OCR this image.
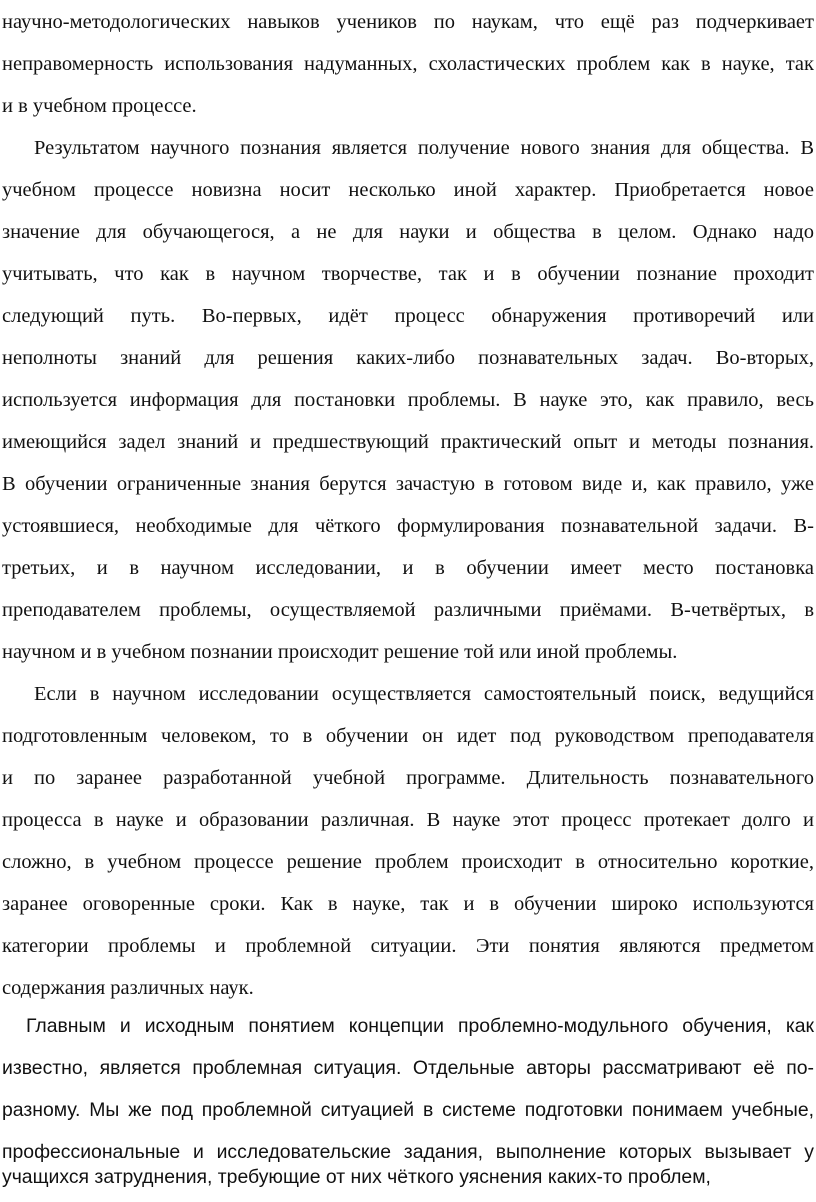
научно-методологических навыков учеников по наукам, что ещё раз подчеркивает
неправомерность использования надуманных, схоластических проблем как в науке, так
и в учебном процессе.
Результатом научного познания является получение нового знания для общества. В
учебном процессе новизна носит несколько иной характер. Приобретается новое
значение для обучающегося, а не для науки и общества в целом. Однако надо
учитывать, что как в научном творчестве, так и в обучении познание проходит
следующий путь. Во-первых, идёт процесс обнаружения противоречий или
неполноты знаний для решения каких-либо познавательных задач. Во-вторых,
используется информация для постановки проблемы. В науке это, как правило, весь
имеющийся задел знаний и предшествующий практический опыт и методы познания.
В обучении ограниченные знания берутся зачастую в готовом виде и, как правило, уже
устоявшиеся, необходимые для чёткого формулирования познавательной задачи. В-
третьих, и в научном исследовании, и в обучении имеет место постановка
преподавателем проблемы, осуществляемой различными приёмами. В-четвёртых, в
научном и в учебном познании происходит решение той или иной проблемы.
Если в научном исследовании осуществляется самостоятельный поиск, ведущийся
подготовленным человеком, то в обучении он идет под руководством преподавателя
и по заранее разработанной учебной программе. Длительность познавательного
процесса в науке и образовании различная. В науке этот процесс протекает долго и
сложно, в учебном процессе решение проблем происходит в относительно короткие,
заранее оговоренные сроки. Как в науке, так и в обучении широко используются
категории проблемы и проблемной ситуации. Эти понятия являются предметом
содержания различных наук.
Главным и исходным понятием концепции проблемно-модульного обучения, как
известно, является проблемная ситуация. Отдельные авторы рассматривают её по-
разному. Мы же под проблемной ситуацией в системе подготовки понимаем учебные,
профессиональные и исследовательские задания, выполнение которых вызывает у
учащихся затруднения, требующие от них чёткого уяснения каких-то проблем,
